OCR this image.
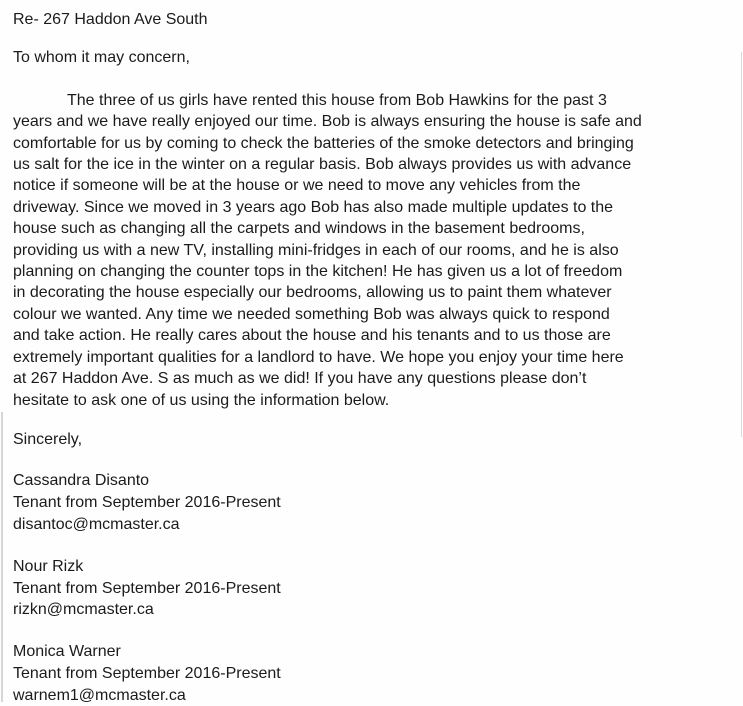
Re- 267 Haddon Ave South
To whom it may concern,
The three of us girls have rented this house from Bob Hawkins for the past 3
years and we have really enjoyed our time. Bob is always ensuring the house is safe and
comfortable for us by coming to check the batteries of the smoke detectors and bringing
us salt for the ice in the winter on a regular basis. Bob always provides us with advance
notice if someone will be at the house or we need to move any vehicles from the
driveway. Since we moved in 3 years ago Bob has also made multiple updates to the
house such as changing all the carpets and windows in the basement bedrooms,
providing us with a new TV, installing mini-fridges in each of our rooms, and he is also
planning on changing the counter tops in the kitchen! He has given us a lot of freedom
in decorating the house especially our bedrooms, allowing us to paint them whatever
colour we wanted. Any time we needed something Bob was always quick to respond
and take action. He really cares about the house and his tenants and to us those are
extremely important qualities for a landlord to have. We hope you enjoy your time here
at 267 Haddon Ave. S as much as we did! If you have any questions please don’t
hesitate to ask one of us using the information below.
Sincerely,
Cassandra Disanto
Tenant from September 2016-Present
disantoc@mcmaster.ca
Nour Rizk
Tenant from September 2016-Present
rizkn@mcmaster.ca
Monica Warner
Tenant from September 2016-Present
warnem1@mcmaster.ca
